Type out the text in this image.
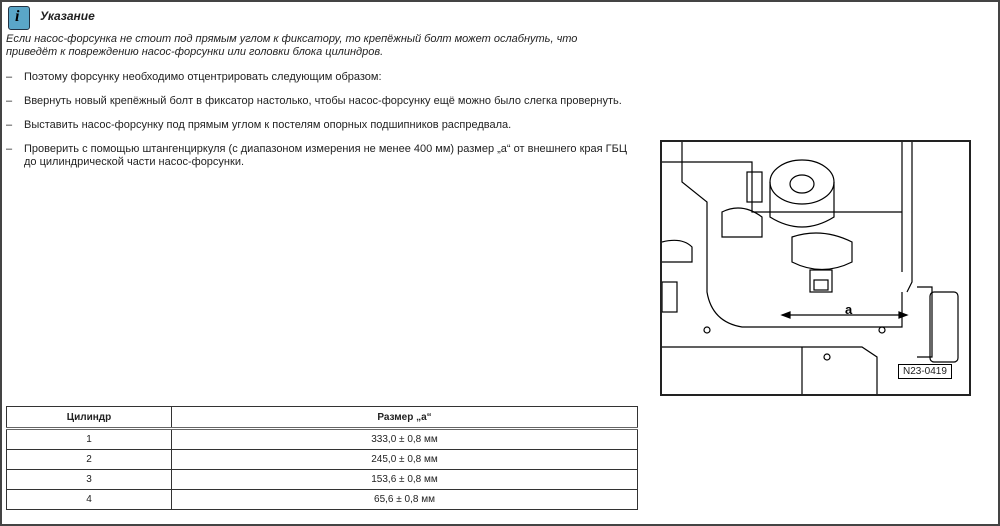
i Указание
Если насос-форсунка не стоит под прямым углом к фиксатору, то крепёжный болт может ослабнуть, что приведёт к повреждению насос-форсунки или головки блока цилиндров.
– Поэтому форсунку необходимо отцентрировать следующим образом:
– Ввернуть новый крепёжный болт в фиксатор настолько, чтобы насос-форсунку ещё можно было слегка провернуть.
– Выставить насос-форсунку под прямым углом к постелям опорных подшипников распредвала.
– Проверить с помощью штангенциркуля (с диапазоном измерения не менее 400 мм) размер „a“ от внешнего края ГБЦ до цилиндрической части насос-форсунки.
a
N23-0419
Цилиндр	Размер „a“
1	333,0 ± 0,8 мм
2	245,0 ± 0,8 мм
3	153,6 ± 0,8 мм
4	65,6 ± 0,8 мм
